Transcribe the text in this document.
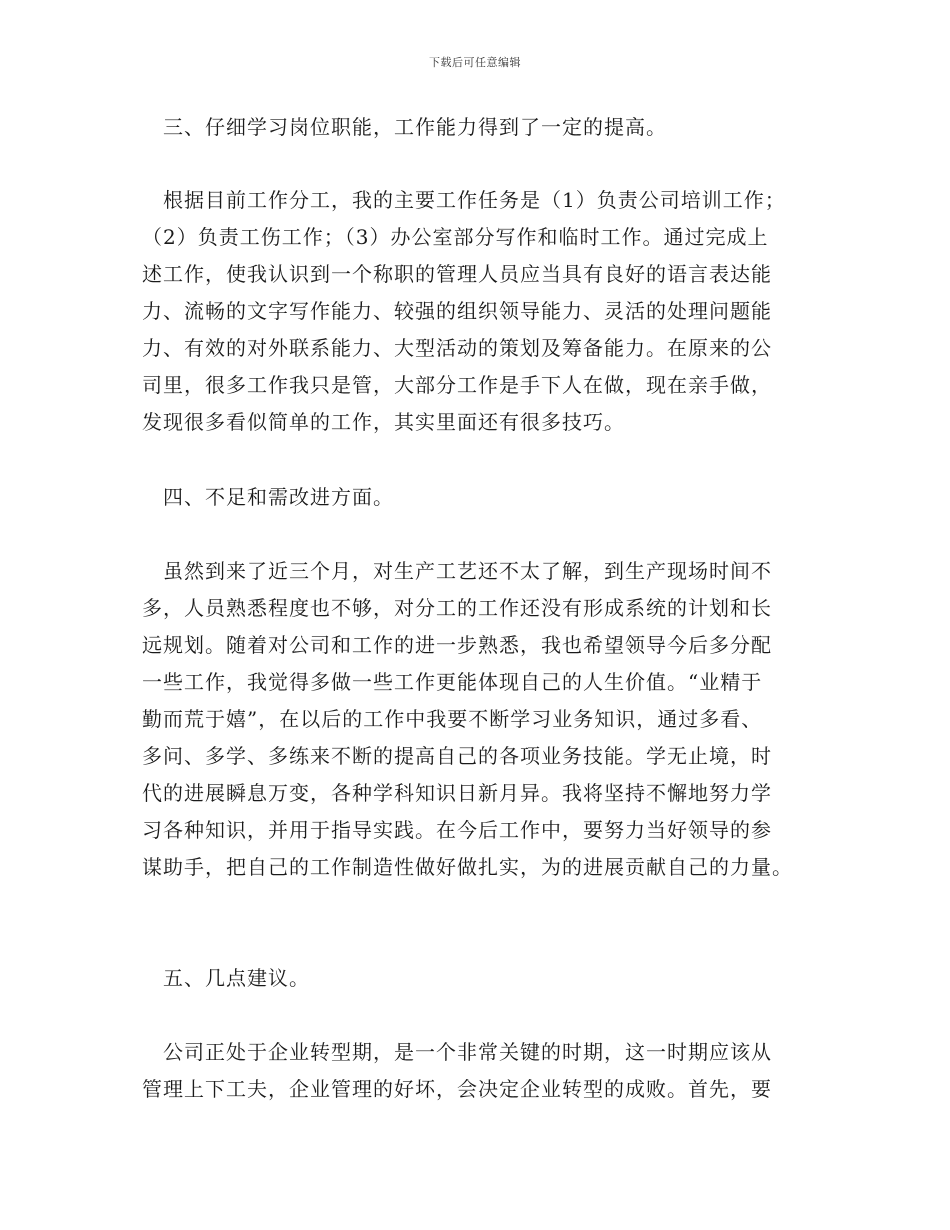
下载后可任意编辑
　三、仔细学习岗位职能，工作能力得到了一定的提高。
　根据目前工作分工，我的主要工作任务是（1）负责公司培训工作；
（2）负责工伤工作；（3）办公室部分写作和临时工作。通过完成上
述工作，使我认识到一个称职的管理人员应当具有良好的语言表达能
力、流畅的文字写作能力、较强的组织领导能力、灵活的处理问题能
力、有效的对外联系能力、大型活动的策划及筹备能力。在原来的公
司里，很多工作我只是管，大部分工作是手下人在做，现在亲手做，
发现很多看似简单的工作，其实里面还有很多技巧。
　四、不足和需改进方面。
　虽然到来了近三个月，对生产工艺还不太了解，到生产现场时间不
多，人员熟悉程度也不够，对分工的工作还没有形成系统的计划和长
远规划。随着对公司和工作的进一步熟悉，我也希望领导今后多分配
一些工作，我觉得多做一些工作更能体现自己的人生价值。“业精于
勤而荒于嬉”，在以后的工作中我要不断学习业务知识，通过多看、
多问、多学、多练来不断的提高自己的各项业务技能。学无止境，时
代的进展瞬息万变，各种学科知识日新月异。我将坚持不懈地努力学
习各种知识，并用于指导实践。在今后工作中，要努力当好领导的参
谋助手，把自己的工作制造性做好做扎实，为的进展贡献自己的力量。
　五、几点建议。
　公司正处于企业转型期，是一个非常关键的时期，这一时期应该从
管理上下工夫，企业管理的好坏，会决定企业转型的成败。首先，要
